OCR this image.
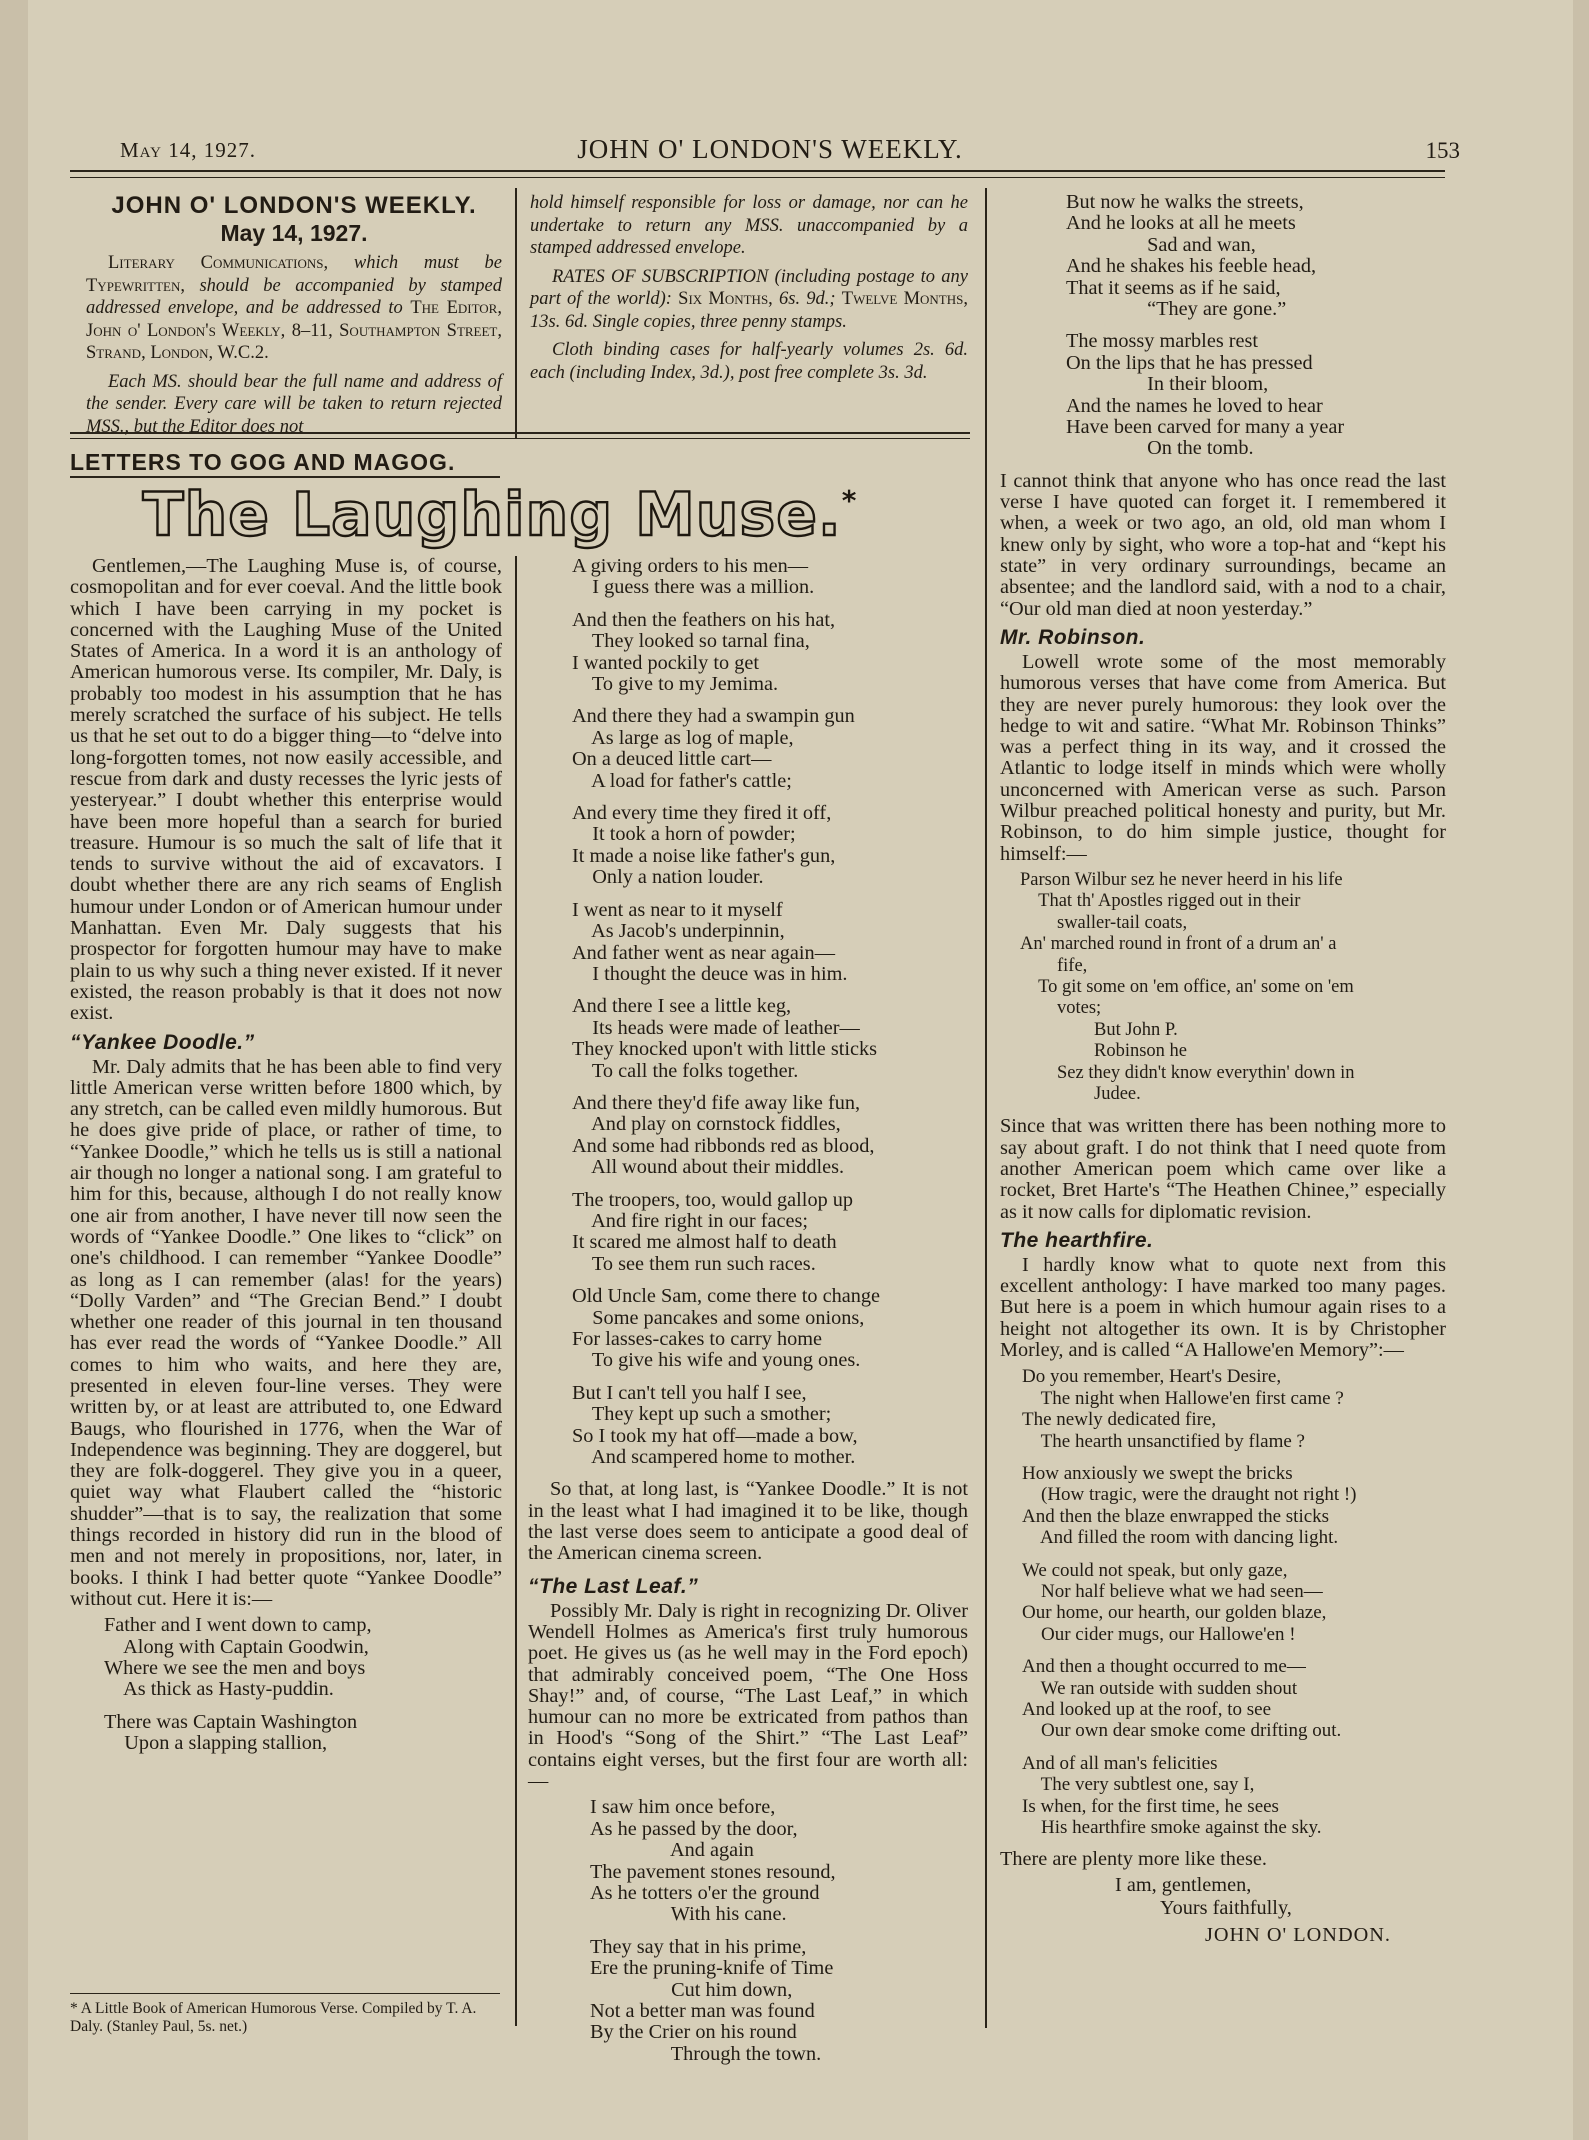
May 14, 1927.	JOHN O' LONDON'S WEEKLY.	153
JOHN O' LONDON'S WEEKLY.
May 14, 1927.

Literary Communications, which must be Typewritten, should be accompanied by stamped addressed envelope, and be addressed to The Editor, John o' London's Weekly, 8–11, Southampton Street, Strand, London, W.C.2.

Each MS. should bear the full name and address of the sender. Every care will be taken to return rejected MSS., but the Editor does not

hold himself responsible for loss or damage, nor can he undertake to return any MSS. unaccompanied by a stamped addressed envelope.

RATES OF SUBSCRIPTION (including postage to any part of the world): Six Months, 6s. 9d.; Twelve Months, 13s. 6d. Single copies, three penny stamps.

Cloth binding cases for half-yearly volumes 2s. 6d. each (including Index, 3d.), post free complete 3s. 3d.

LETTERS TO GOG AND MAGOG.
The Laughing Muse.*

Gentlemen,—The Laughing Muse is, of course, cosmopolitan and for ever coeval. And the little book which I have been carrying in my pocket is concerned with the Laughing Muse of the United States of America. In a word it is an anthology of American humorous verse. Its compiler, Mr. Daly, is probably too modest in his assumption that he has merely scratched the surface of his subject. He tells us that he set out to do a bigger thing—to “delve into long-forgotten tomes, not now easily accessible, and rescue from dark and dusty recesses the lyric jests of yesteryear.” I doubt whether this enterprise would have been more hopeful than a search for buried treasure. Humour is so much the salt of life that it tends to survive without the aid of excavators. I doubt whether there are any rich seams of English humour under London or of American humour under Manhattan. Even Mr. Daly suggests that his prospector for forgotten humour may have to make plain to us why such a thing never existed. If it never existed, the reason probably is that it does not now exist.

“Yankee Doodle.”

Mr. Daly admits that he has been able to find very little American verse written before 1800 which, by any stretch, can be called even mildly humorous. But he does give pride of place, or rather of time, to “Yankee Doodle,” which he tells us is still a national air though no longer a national song. I am grateful to him for this, because, although I do not really know one air from another, I have never till now seen the words of “Yankee Doodle.” One likes to “click” on one's childhood. I can remember “Yankee Doodle” as long as I can remember (alas! for the years) “Dolly Varden” and “The Grecian Bend.” I doubt whether one reader of this journal in ten thousand has ever read the words of “Yankee Doodle.” All comes to him who waits, and here they are, presented in eleven four-line verses. They were written by, or at least are attributed to, one Edward Baugs, who flourished in 1776, when the War of Independence was beginning. They are doggerel, but they are folk-doggerel. They give you in a queer, quiet way what Flaubert called the “historic shudder”—that is to say, the realization that some things recorded in history did run in the blood of men and not merely in propositions, nor, later, in books. I think I had better quote “Yankee Doodle” without cut. Here it is:—

Father and I went down to camp,
Along with Captain Goodwin,
Where we see the men and boys
As thick as Hasty-puddin.
There was Captain Washington
Upon a slapping stallion,
* A Little Book of American Humorous Verse. Compiled by T. A. Daly. (Stanley Paul, 5s. net.)
A giving orders to his men—
I guess there was a million.
And then the feathers on his hat,
They looked so tarnal fina,
I wanted pockily to get
To give to my Jemima.
And there they had a swampin gun
As large as log of maple,
On a deuced little cart—
A load for father's cattle;
And every time they fired it off,
It took a horn of powder;
It made a noise like father's gun,
Only a nation louder.
I went as near to it myself
As Jacob's underpinnin,
And father went as near again—
I thought the deuce was in him.
And there I see a little keg,
Its heads were made of leather—
They knocked upon't with little sticks
To call the folks together.
And there they'd fife away like fun,
And play on cornstock fiddles,
And some had ribbonds red as blood,
All wound about their middles.
The troopers, too, would gallop up
And fire right in our faces;
It scared me almost half to death
To see them run such races.
Old Uncle Sam, come there to change
Some pancakes and some onions,
For lasses-cakes to carry home
To give his wife and young ones.
But I can't tell you half I see,
They kept up such a smother;
So I took my hat off—made a bow,
And scampered home to mother.

So that, at long last, is “Yankee Doodle.” It is not in the least what I had imagined it to be like, though the last verse does seem to anticipate a good deal of the American cinema screen.

“The Last Leaf.”

Possibly Mr. Daly is right in recognizing Dr. Oliver Wendell Holmes as America's first truly humorous poet. He gives us (as he well may in the Ford epoch) that admirably conceived poem, “The One Hoss Shay!” and, of course, “The Last Leaf,” in which humour can no more be extricated from pathos than in Hood's “Song of the Shirt.” “The Last Leaf” contains eight verses, but the first four are worth all:—

I saw him once before,
As he passed by the door,
And again
The pavement stones resound,
As he totters o'er the ground
With his cane.
They say that in his prime,
Ere the pruning-knife of Time
Cut him down,
Not a better man was found
By the Crier on his round
Through the town.
But now he walks the streets,
And he looks at all he meets
Sad and wan,
And he shakes his feeble head,
That it seems as if he said,
“They are gone.”
The mossy marbles rest
On the lips that he has pressed
In their bloom,
And the names he loved to hear
Have been carved for many a year
On the tomb.

I cannot think that anyone who has once read the last verse I have quoted can forget it. I remembered it when, a week or two ago, an old, old man whom I knew only by sight, who wore a top-hat and “kept his state” in very ordinary surroundings, became an absentee; and the landlord said, with a nod to a chair, “Our old man died at noon yesterday.”

Mr. Robinson.

Lowell wrote some of the most memorably humorous verses that have come from America. But they are never purely humorous: they look over the hedge to wit and satire. “What Mr. Robinson Thinks” was a perfect thing in its way, and it crossed the Atlantic to lodge itself in minds which were wholly unconcerned with American verse as such. Parson Wilbur preached political honesty and purity, but Mr. Robinson, to do him simple justice, thought for himself:—

Parson Wilbur sez he never heerd in his life
That th' Apostles rigged out in their
swaller-tail coats,
An' marched round in front of a drum an' a
fife,
To git some on 'em office, an' some on 'em
votes;
But John P.
Robinson he
Sez they didn't know everythin' down in
Judee.

Since that was written there has been nothing more to say about graft. I do not think that I need quote from another American poem which came over like a rocket, Bret Harte's “The Heathen Chinee,” especially as it now calls for diplomatic revision.

The hearthfire.

I hardly know what to quote next from this excellent anthology: I have marked too many pages. But here is a poem in which humour again rises to a height not altogether its own. It is by Christopher Morley, and is called “A Hallowe'en Memory”:—

Do you remember, Heart's Desire,
The night when Hallowe'en first came ?
The newly dedicated fire,
The hearth unsanctified by flame ?
How anxiously we swept the bricks
(How tragic, were the draught not right !)
And then the blaze enwrapped the sticks
And filled the room with dancing light.
We could not speak, but only gaze,
Nor half believe what we had seen—
Our home, our hearth, our golden blaze,
Our cider mugs, our Hallowe'en !
And then a thought occurred to me—
We ran outside with sudden shout
And looked up at the roof, to see
Our own dear smoke come drifting out.
And of all man's felicities
The very subtlest one, say I,
Is when, for the first time, he sees
His hearthfire smoke against the sky.

There are plenty more like these.

I am, gentlemen,
Yours faithfully,
JOHN O' LONDON.
